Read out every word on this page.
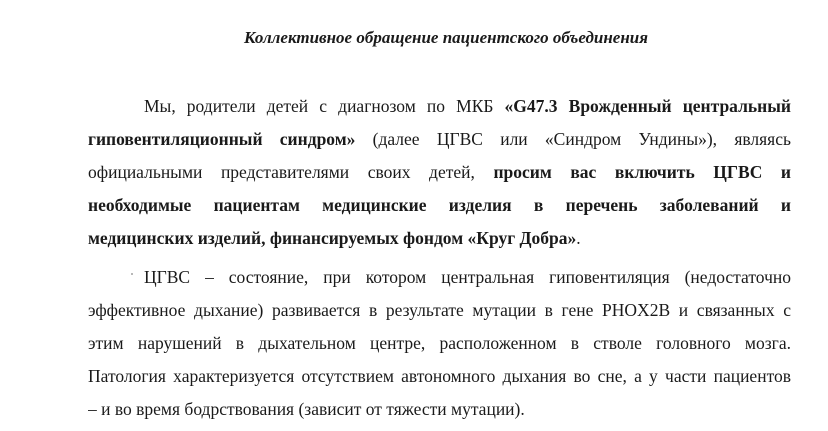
Коллективное обращение пациентского объединения
Мы, родители детей с диагнозом по МКБ «G47.3 Врожденный центральный
гиповентиляционный синдром» (далее ЦГВС или «Синдром Ундины»), являясь
официальными представителями своих детей, просим вас включить ЦГВС и
необходимые пациентам медицинские изделия в перечень заболеваний и
медицинских изделий, финансируемых фондом «Круг Добра».
ЦГВС – состояние, при котором центральная гиповентиляция (недостаточно
эффективное дыхание) развивается в результате мутации в гене PHOX2B и связанных с
этим нарушений в дыхательном центре, расположенном в стволе головного мозга.
Патология характеризуется отсутствием автономного дыхания во сне, а у части пациентов
– и во время бодрствования (зависит от тяжести мутации).
